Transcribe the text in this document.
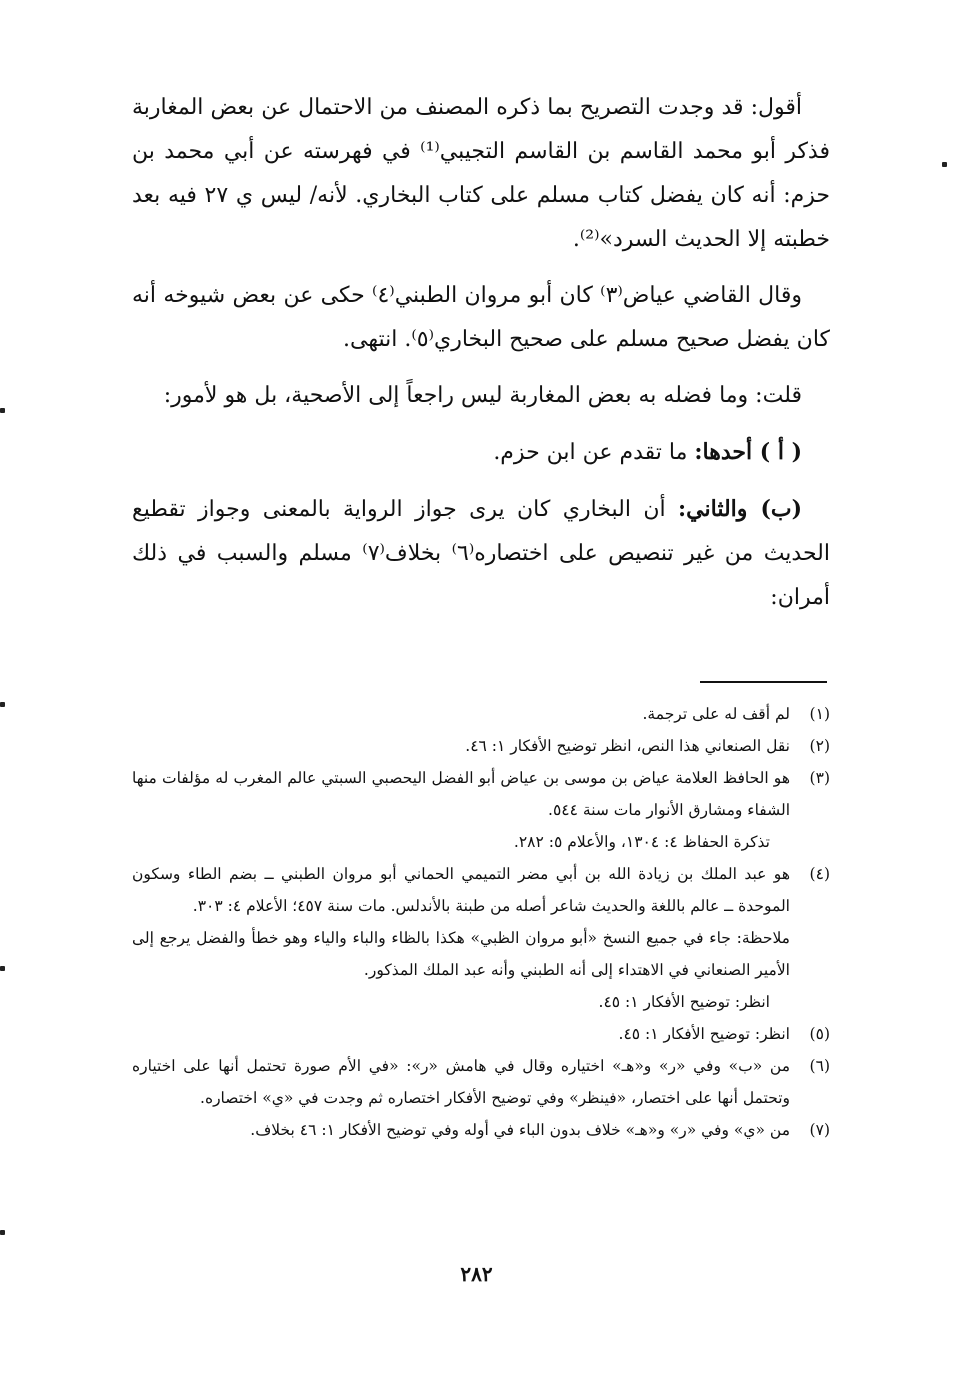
أقول: قد وجدت التصريح بما ذكره المصنف من الاحتمال عن بعض المغاربة فذكر أبو محمد القاسم بن القاسم التجيبي⁽¹⁾ في فهرسته عن أبي محمد بن حزم: أنه كان يفضل كتاب مسلم على كتاب البخاري. لأنه/ ليس ي ٢٧ فيه بعد خطبته إلا الحديث السرد»⁽²⁾.

وقال القاضي عياض⁽٣⁾ كان أبو مروان الطبني⁽٤⁾ حكى عن بعض شيوخه أنه كان يفضل صحيح مسلم على صحيح البخاري⁽٥⁾. انتهى.

قلت: وما فضله به بعض المغاربة ليس راجعاً إلى الأصحية، بل هو لأمور:

( أ ) أحدها: ما تقدم عن ابن حزم.

(ب) والثاني: أن البخاري كان يرى جواز الرواية بالمعنى وجواز تقطيع الحديث من غير تنصيص على اختصاره⁽٦⁾ بخلاف⁽٧⁾ مسلم والسبب في ذلك أمران:

(١)
لم أقف له على ترجمة.
(٢)
نقل الصنعاني هذا النص، انظر توضيح الأفكار ١: ٤٦.
(٣)
هو الحافظ العلامة عياض بن موسى بن عياض أبو الفضل اليحصبي السبتي عالم المغرب له مؤلفات منها الشفاء ومشارق الأنوار مات سنة ٥٤٤.
تذكرة الحفاظ ٤: ١٣٠٤، والأعلام ٥: ٢٨٢.
(٤)
هو عبد الملك بن زيادة الله بن أبي مضر التميمي الحماني أبو مروان الطبني ــ بضم الطاء وسكون الموحدة ــ عالم باللغة والحديث شاعر أصله من طبنة بالأندلس. مات سنة ٤٥٧؛ الأعلام ٤: ٣٠٣.
ملاحظة: جاء في جميع النسخ «أبو مروان الظبي» هكذا بالظاء والباء والياء وهو خطأ والفضل يرجع إلى الأمير الصنعاني في الاهتداء إلى أنه الطبني وأنه عبد الملك المذكور.
انظر: توضيح الأفكار ١: ٤٥.
(٥)
انظر: توضيح الأفكار ١: ٤٥.
(٦)
من «ب» وفي «ر» و«هـ» اختياره وقال في هامش «ر»: «في الأم صورة تحتمل أنها على اختياره وتحتمل أنها على اختصار، «فينظر» وفي توضيح الأفكار اختصاره ثم وجدت في «ي» اختصاره.
(٧)
من «ي» وفي «ر» و«هـ» خلاف بدون الباء في أوله وفي توضيح الأفكار ١: ٤٦ بخلاف.
٢٨٢
